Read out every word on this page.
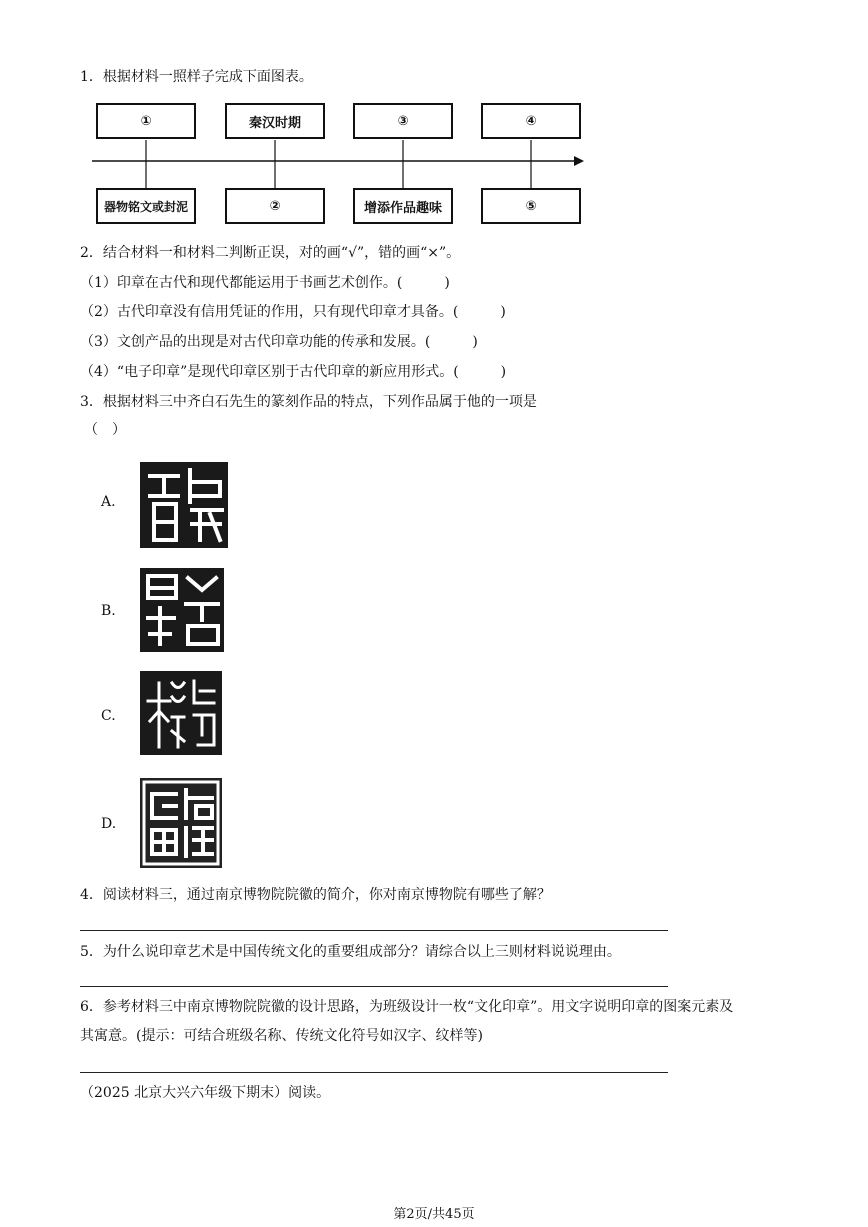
1．根据材料一照样子完成下面图表。
①	秦汉时期	③	④
器物铭文或封泥	②	增添作品趣味	⑤
2．结合材料一和材料二判断正误，对的画“√”，错的画“×”。
（1）印章在古代和现代都能运用于书画艺术创作。(　　　)
（2）古代印章没有信用凭证的作用，只有现代印章才具备。(　　　)
（3）文创产品的出现是对古代印章功能的传承和发展。(　　　)
（4）“电子印章”是现代印章区别于古代印章的新应用形式。(　　　)
3．根据材料三中齐白石先生的篆刻作品的特点，下列作品属于他的一项是
（　）
A.
B.
C.
D.
4．阅读材料三，通过南京博物院院徽的简介，你对南京博物院有哪些了解？
5．为什么说印章艺术是中国传统文化的重要组成部分？请综合以上三则材料说说理由。
6．参考材料三中南京博物院院徽的设计思路，为班级设计一枚“文化印章”。用文字说明印章的图案元素及
其寓意。(提示：可结合班级名称、传统文化符号如汉字、纹样等)
（2025 北京大兴六年级下期末）阅读。
第2页/共45页
